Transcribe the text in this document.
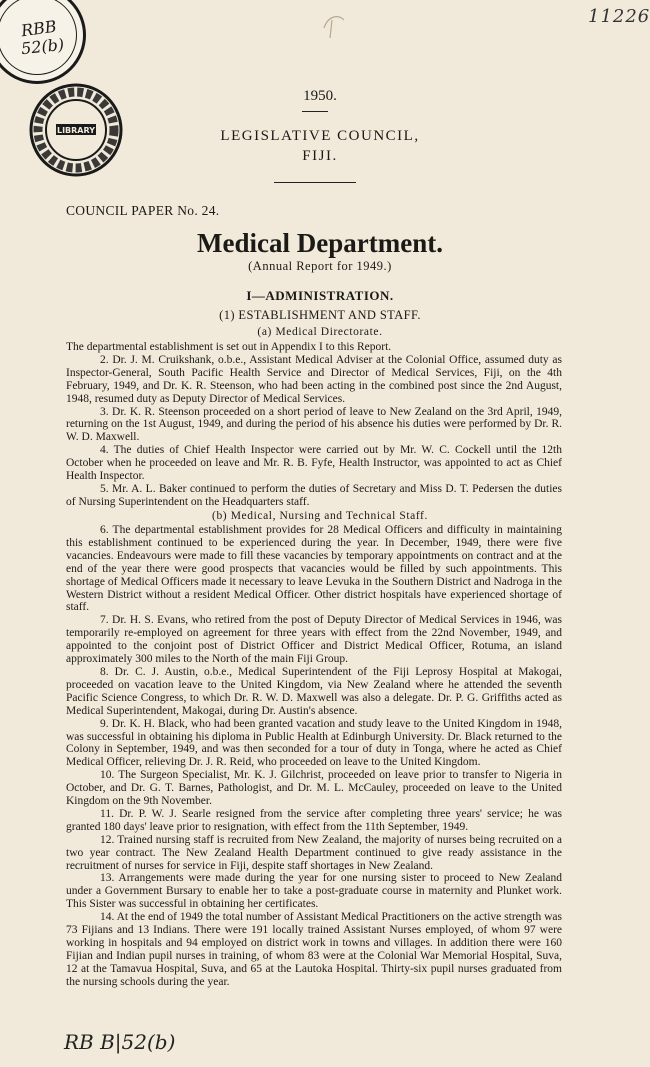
RBB
52(b)
LIBRARY
11226
1950.
LEGISLATIVE COUNCIL,
FIJI.
COUNCIL PAPER No. 24.
Medical Department.
(Annual Report for 1949.)
I—ADMINISTRATION.
(1) ESTABLISHMENT AND STAFF.
(a) Medical Directorate.

The departmental establishment is set out in Appendix I to this Report.

2. Dr. J. M. Cruikshank, o.b.e., Assistant Medical Adviser at the Colonial Office, assumed duty as Inspector-General, South Pacific Health Service and Director of Medical Services, Fiji, on the 4th February, 1949, and Dr. K. R. Steenson, who had been acting in the combined post since the 2nd August, 1948, resumed duty as Deputy Director of Medical Services.

3. Dr. K. R. Steenson proceeded on a short period of leave to New Zealand on the 3rd April, 1949, returning on the 1st August, 1949, and during the period of his absence his duties were performed by Dr. R. W. D. Maxwell.

4. The duties of Chief Health Inspector were carried out by Mr. W. C. Cockell until the 12th October when he proceeded on leave and Mr. R. B. Fyfe, Health Instructor, was appointed to act as Chief Health Inspector.

5. Mr. A. L. Baker continued to perform the duties of Secretary and Miss D. T. Pedersen the duties of Nursing Superintendent on the Headquarters staff.

(b) Medical, Nursing and Technical Staff.

6. The departmental establishment provides for 28 Medical Officers and difficulty in maintaining this establishment continued to be experienced during the year. In December, 1949, there were five vacancies. Endeavours were made to fill these vacancies by temporary appointments on contract and at the end of the year there were good prospects that vacancies would be filled by such appointments. This shortage of Medical Officers made it necessary to leave Levuka in the Southern District and Nadroga in the Western District without a resident Medical Officer. Other district hospitals have experienced shortage of staff.

7. Dr. H. S. Evans, who retired from the post of Deputy Director of Medical Services in 1946, was temporarily re-employed on agreement for three years with effect from the 22nd November, 1949, and appointed to the conjoint post of District Officer and District Medical Officer, Rotuma, an island approximately 300 miles to the North of the main Fiji Group.

8. Dr. C. J. Austin, o.b.e., Medical Superintendent of the Fiji Leprosy Hospital at Makogai, proceeded on vacation leave to the United Kingdom, via New Zealand where he attended the seventh Pacific Science Congress, to which Dr. R. W. D. Maxwell was also a delegate. Dr. P. G. Griffiths acted as Medical Superintendent, Makogai, during Dr. Austin's absence.

9. Dr. K. H. Black, who had been granted vacation and study leave to the United Kingdom in 1948, was successful in obtaining his diploma in Public Health at Edinburgh University. Dr. Black returned to the Colony in September, 1949, and was then seconded for a tour of duty in Tonga, where he acted as Chief Medical Officer, relieving Dr. J. R. Reid, who proceeded on leave to the United Kingdom.

10. The Surgeon Specialist, Mr. K. J. Gilchrist, proceeded on leave prior to transfer to Nigeria in October, and Dr. G. T. Barnes, Pathologist, and Dr. M. L. McCauley, proceeded on leave to the United Kingdom on the 9th November.

11. Dr. P. W. J. Searle resigned from the service after completing three years' service; he was granted 180 days' leave prior to resignation, with effect from the 11th September, 1949.

12. Trained nursing staff is recruited from New Zealand, the majority of nurses being recruited on a two year contract. The New Zealand Health Department continued to give ready assistance in the recruitment of nurses for service in Fiji, despite staff shortages in New Zealand.

13. Arrangements were made during the year for one nursing sister to proceed to New Zealand under a Government Bursary to enable her to take a post-graduate course in maternity and Plunket work. This Sister was successful in obtaining her certificates.

14. At the end of 1949 the total number of Assistant Medical Practitioners on the active strength was 73 Fijians and 13 Indians. There were 191 locally trained Assistant Nurses employed, of whom 97 were working in hospitals and 94 employed on district work in towns and villages. In addition there were 160 Fijian and Indian pupil nurses in training, of whom 83 were at the Colonial War Memorial Hospital, Suva, 12 at the Tamavua Hospital, Suva, and 65 at the Lautoka Hospital. Thirty-six pupil nurses graduated from the nursing schools during the year.

RB B|52(b)
